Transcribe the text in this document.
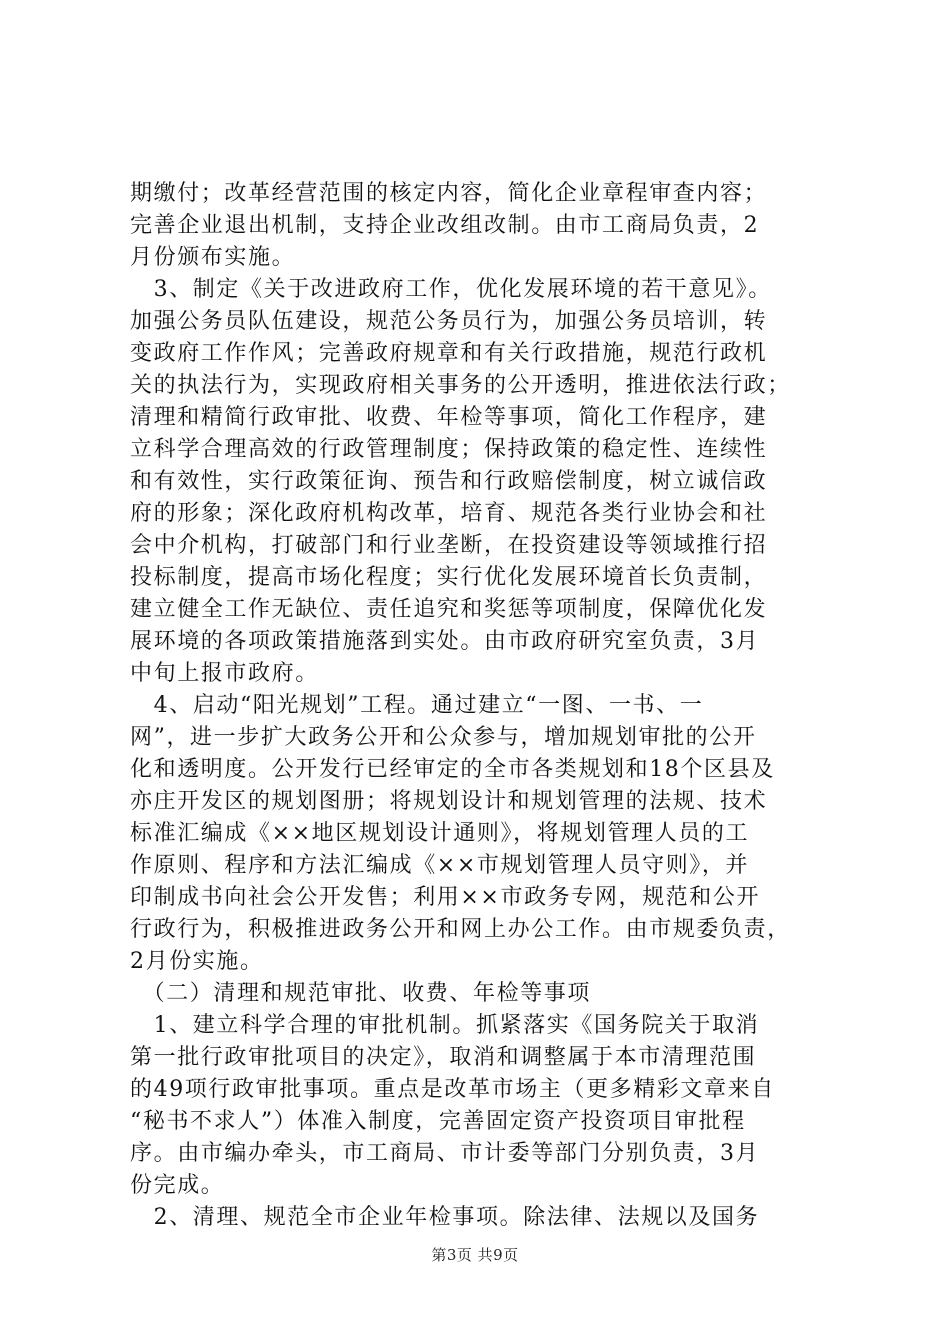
期缴付；改革经营范围的核定内容，简化企业章程审查内容；
完善企业退出机制，支持企业改组改制。由市工商局负责，2
月份颁布实施。
　3、制定《关于改进政府工作，优化发展环境的若干意见》。
加强公务员队伍建设，规范公务员行为，加强公务员培训，转
变政府工作作风；完善政府规章和有关行政措施，规范行政机
关的执法行为，实现政府相关事务的公开透明，推进依法行政；
清理和精简行政审批、收费、年检等事项，简化工作程序，建
立科学合理高效的行政管理制度；保持政策的稳定性、连续性
和有效性，实行政策征询、预告和行政赔偿制度，树立诚信政
府的形象；深化政府机构改革，培育、规范各类行业协会和社
会中介机构，打破部门和行业垄断，在投资建设等领域推行招
投标制度，提高市场化程度；实行优化发展环境首长负责制，
建立健全工作无缺位、责任追究和奖惩等项制度，保障优化发
展环境的各项政策措施落到实处。由市政府研究室负责，3月
中旬上报市政府。
　4、启动“阳光规划”工程。通过建立“一图、一书、一
网”，进一步扩大政务公开和公众参与，增加规划审批的公开
化和透明度。公开发行已经审定的全市各类规划和18个区县及
亦庄开发区的规划图册；将规划设计和规划管理的法规、技术
标准汇编成《××地区规划设计通则》，将规划管理人员的工
作原则、程序和方法汇编成《××市规划管理人员守则》，并
印制成书向社会公开发售；利用××市政务专网，规范和公开
行政行为，积极推进政务公开和网上办公工作。由市规委负责，
2月份实施。
　（二）清理和规范审批、收费、年检等事项
　1、建立科学合理的审批机制。抓紧落实《国务院关于取消
第一批行政审批项目的决定》，取消和调整属于本市清理范围
的49项行政审批事项。重点是改革市场主（更多精彩文章来自
“秘书不求人”）体准入制度，完善固定资产投资项目审批程
序。由市编办牵头，市工商局、市计委等部门分别负责，3月
份完成。
　2、清理、规范全市企业年检事项。除法律、法规以及国务
第3页 共9页
